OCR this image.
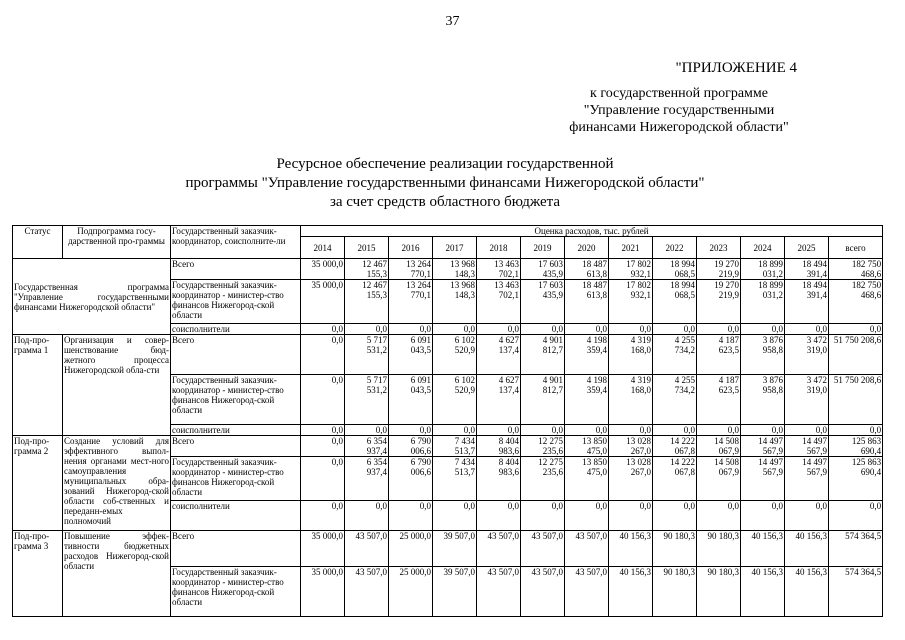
37
"ПРИЛОЖЕНИЕ 4
к государственной программе
"Управление государственными
финансами Нижегородской области"
Ресурсное обеспечение реализации государственной
программы "Управление государственными финансами Нижегородской области"
за счет средств областного бюджета
Статус	Подпрограмма госу-дарственной про-граммы	Государственный заказчик-координатор, соисполните-ли	Оценка расходов, тыс. рублей												
			2014	2015	2016	2017	2018	2019	2020	2021	2022	2023	2024	2025	всего
Государственная программа "Управление государственными финансами Нижегородской области"		Всего	35 000,0	12 467 155,3	13 264 770,1	13 968 148,3	13 463 702,1	17 603 435,9	18 487 613,8	17 802 932,1	18 994 068,5	19 270 219,9	18 899 031,2	18 494 391,4	182 750 468,6
		Государственный заказчик-координатор - министер-ство финансов Нижегород-ской области	35 000,0	12 467 155,3	13 264 770,1	13 968 148,3	13 463 702,1	17 603 435,9	18 487 613,8	17 802 932,1	18 994 068,5	19 270 219,9	18 899 031,2	18 494 391,4	182 750 468,6
		соисполнители	0,0	0,0	0,0	0,0	0,0	0,0	0,0	0,0	0,0	0,0	0,0	0,0	0,0
Под-про-грамма 1	Организация и совер-шенствование бюд-жетного процесса Нижегородской обла-сти	Всего	0,0	5 717 531,2	6 091 043,5	6 102 520,9	4 627 137,4	4 901 812,7	4 198 359,4	4 319 168,0	4 255 734,2	4 187 623,5	3 876 958,8	3 472 319,0	51 750 208,6
		Государственный заказчик-координатор - министер-ство финансов Нижегород-ской области	0,0	5 717 531,2	6 091 043,5	6 102 520,9	4 627 137,4	4 901 812,7	4 198 359,4	4 319 168,0	4 255 734,2	4 187 623,5	3 876 958,8	3 472 319,0	51 750 208,6
		соисполнители	0,0	0,0	0,0	0,0	0,0	0,0	0,0	0,0	0,0	0,0	0,0	0,0	0,0
Под-про-грамма 2	Создание условий для эффективного выпол-нения органами мест-ного самоуправления муниципальных обра-зований Нижегород-ской области соб-ственных и переданн-емых полномочий	Всего	0,0	6 354 937,4	6 790 006,6	7 434 513,7	8 404 983,6	12 275 235,6	13 850 475,0	13 028 267,0	14 222 067,8	14 508 067,9	14 497 567,9	14 497 567,9	125 863 690,4
		Государственный заказчик-координатор - министер-ство финансов Нижегород-ской области	0,0	6 354 937,4	6 790 006,6	7 434 513,7	8 404 983,6	12 275 235,6	13 850 475,0	13 028 267,0	14 222 067,8	14 508 067,9	14 497 567,9	14 497 567,9	125 863 690,4
		соисполнители	0,0	0,0	0,0	0,0	0,0	0,0	0,0	0,0	0,0	0,0	0,0	0,0	0,0
Под-про-грамма 3	Повышение эффек-тивности бюджетных расходов Нижегород-ской области	Всего	35 000,0	43 507,0	25 000,0	39 507,0	43 507,0	43 507,0	43 507,0	40 156,3	90 180,3	90 180,3	40 156,3	40 156,3	574 364,5
		Государственный заказчик-координатор - министер-ство финансов Нижегород-ской области	35 000,0	43 507,0	25 000,0	39 507,0	43 507,0	43 507,0	43 507,0	40 156,3	90 180,3	90 180,3	40 156,3	40 156,3	574 364,5
